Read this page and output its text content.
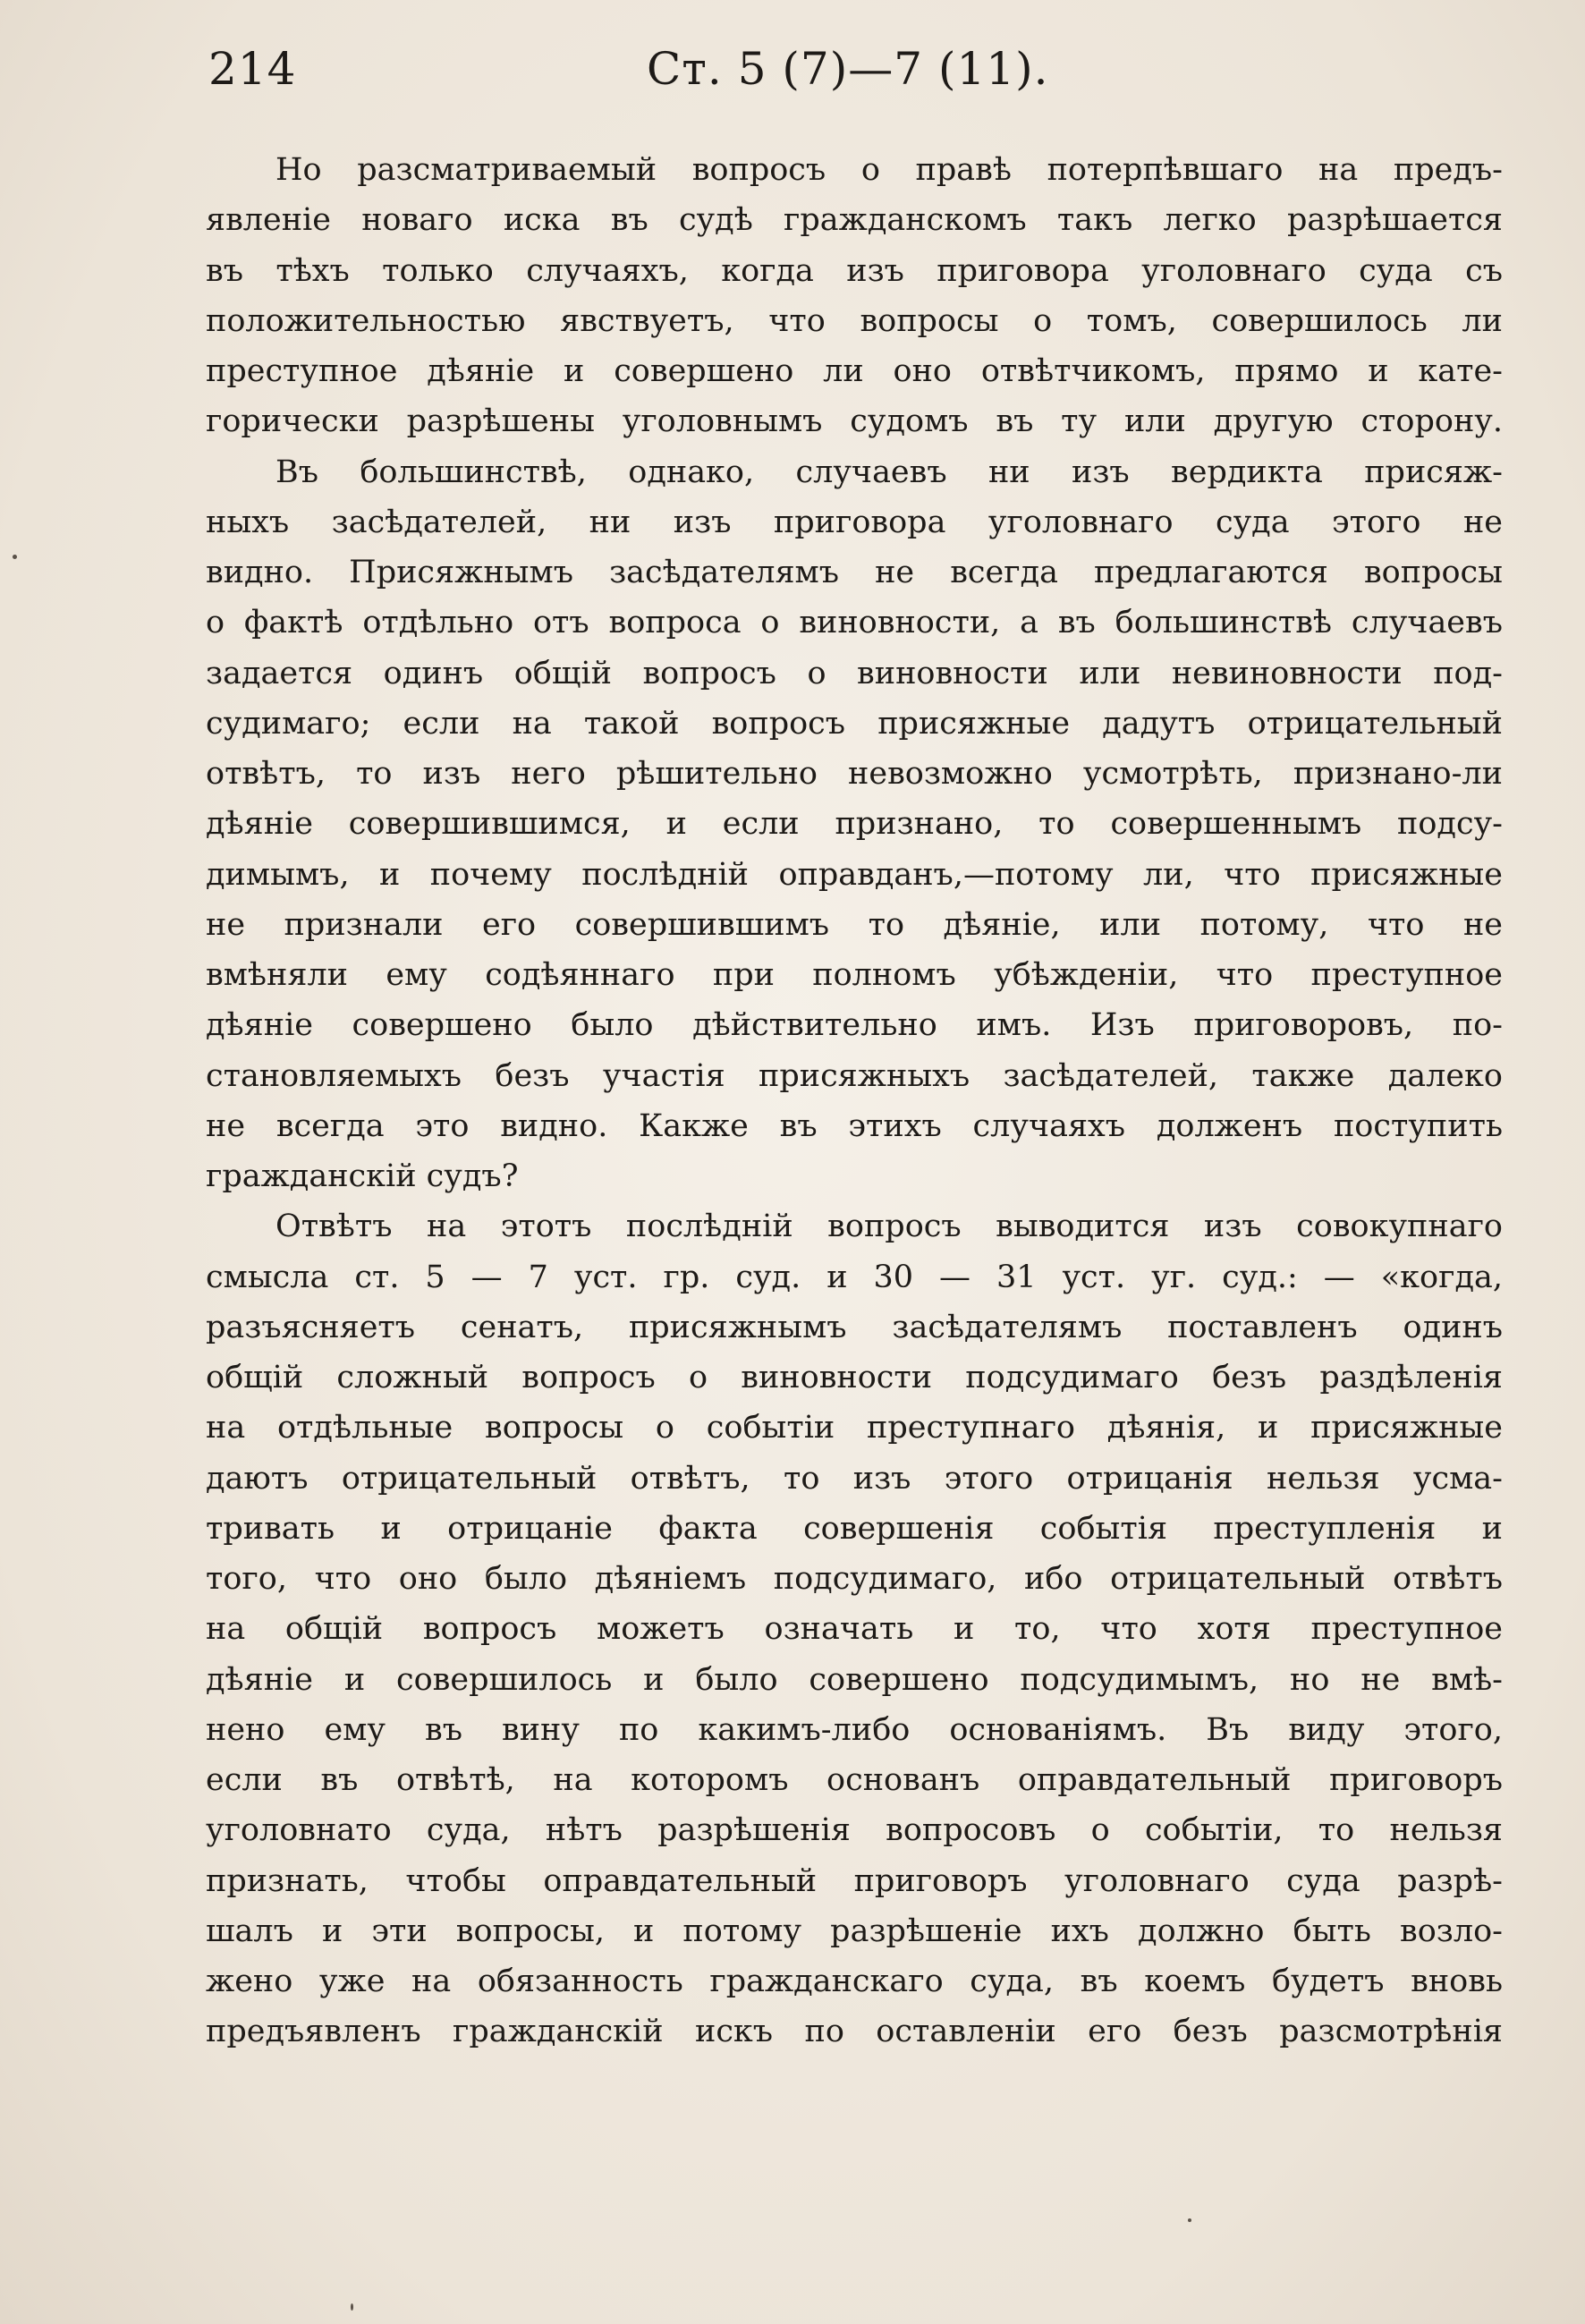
214	Ст. 5 (7)—7 (11).
Но разсматриваемый вопросъ о правѣ потерпѣвшаго на предъ-
явленіе новаго иска въ судѣ гражданскомъ такъ легко разрѣшается
въ тѣхъ только случаяхъ, когда изъ приговора уголовнаго суда съ
положительностью явствуетъ, что вопросы о томъ, совершилось ли
преступное дѣяніе и совершено ли оно отвѣтчикомъ, прямо и кате-
горически разрѣшены уголовнымъ судомъ въ ту или другую сторону.
Въ большинствѣ, однако, случаевъ ни изъ вердикта присяж-
ныхъ засѣдателей, ни изъ приговора уголовнаго суда этого не
видно. Присяжнымъ засѣдателямъ не всегда предлагаются вопросы
о фактѣ отдѣльно отъ вопроса о виновности, а въ большинствѣ случаевъ
задается одинъ общій вопросъ о виновности или невиновности под-
судимаго; если на такой вопросъ присяжные дадутъ отрицательный
отвѣтъ, то изъ него рѣшительно невозможно усмотрѣть, признано-ли
дѣяніе совершившимся, и если признано, то совершеннымъ подсу-
димымъ, и почему послѣдній оправданъ,—потому ли, что присяжные
не признали его совершившимъ то дѣяніе, или потому, что не
вмѣняли ему содѣяннаго при полномъ убѣжденіи, что преступное
дѣяніе совершено было дѣйствительно имъ. Изъ приговоровъ, по-
становляемыхъ безъ участія присяжныхъ засѣдателей, также далеко
не всегда это видно. Какже въ этихъ случаяхъ долженъ поступить
гражданскій судъ?
Отвѣтъ на этотъ послѣдній вопросъ выводится изъ совокупнаго
смысла ст. 5 — 7 уст. гр. суд. и 30 — 31 уст. уг. суд.: — «когда,
разъясняетъ сенатъ, присяжнымъ засѣдателямъ поставленъ одинъ
общій сложный вопросъ о виновности подсудимаго безъ раздѣленія
на отдѣльные вопросы о событіи преступнаго дѣянія, и присяжные
даютъ отрицательный отвѣтъ, то изъ этого отрицанія нельзя усма-
тривать и отрицаніе факта совершенія событія преступленія и
того, что оно было дѣяніемъ подсудимаго, ибо отрицательный отвѣтъ
на общій вопросъ можетъ означать и то, что хотя преступное
дѣяніе и совершилось и было совершено подсудимымъ, но не вмѣ-
нено ему въ вину по какимъ-либо основаніямъ. Въ виду этого,
если въ отвѣтѣ, на которомъ основанъ оправдательный приговоръ
уголовнато суда, нѣтъ разрѣшенія вопросовъ о событіи, то нельзя
признать, чтобы оправдательный приговоръ уголовнаго суда разрѣ-
шалъ и эти вопросы, и потому разрѣшеніе ихъ должно быть возло-
жено уже на обязанность гражданскаго суда, въ коемъ будетъ вновь
предъявленъ гражданскій искъ по оставленіи его безъ разсмотрѣнія
